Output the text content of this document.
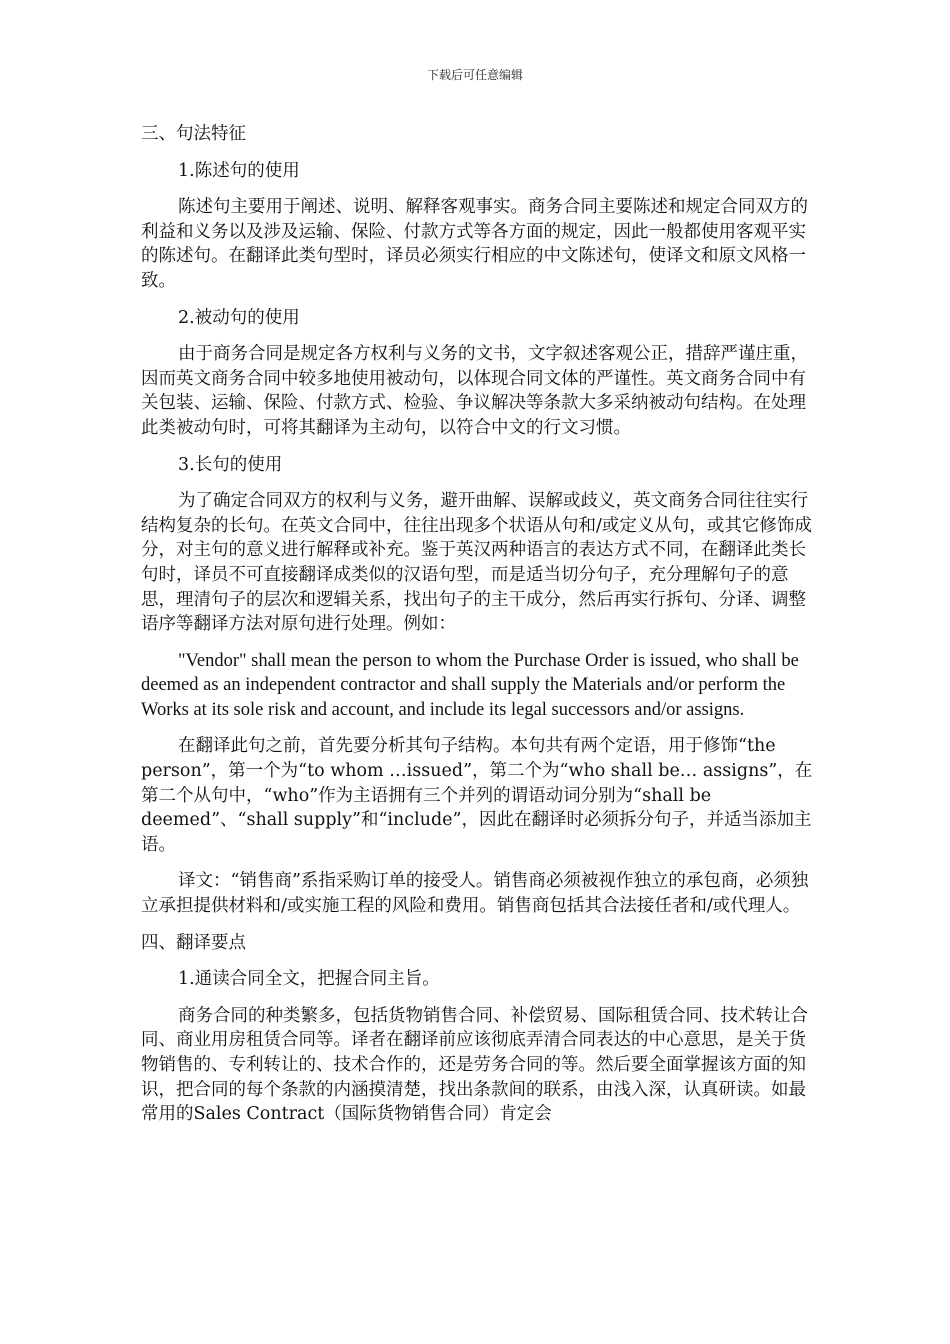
下载后可任意编辑

三、句法特征

1.陈述句的使用

陈述句主要用于阐述、说明、解释客观事实。商务合同主要陈述和规定合同双方的利益和义务以及涉及运输、保险、付款方式等各方面的规定，因此一般都使用客观平实的陈述句。在翻译此类句型时，译员必须实行相应的中文陈述句，使译文和原文风格一致。

2.被动句的使用

由于商务合同是规定各方权利与义务的文书，文字叙述客观公正，措辞严谨庄重，因而英文商务合同中较多地使用被动句，以体现合同文体的严谨性。英文商务合同中有关包装、运输、保险、付款方式、检验、争议解决等条款大多采纳被动句结构。在处理此类被动句时，可将其翻译为主动句，以符合中文的行文习惯。

3.长句的使用

为了确定合同双方的权利与义务，避开曲解、误解或歧义，英文商务合同往往实行结构复杂的长句。在英文合同中，往往出现多个状语从句和/或定义从句，或其它修饰成分，对主句的意义进行解释或补充。鉴于英汉两种语言的表达方式不同，在翻译此类长句时，译员不可直接翻译成类似的汉语句型，而是适当切分句子，充分理解句子的意思，理清句子的层次和逻辑关系，找出句子的主干成分，然后再实行拆句、分译、调整语序等翻译方法对原句进行处理。例如：

"Vendor" shall mean the person to whom the Purchase Order is issued, who shall be deemed as an independent contractor and shall supply the Materials and/or perform the Works at its sole risk and account, and include its legal successors and/or assigns.

在翻译此句之前，首先要分析其句子结构。本句共有两个定语，用于修饰“the person”，第一个为“to whom …issued”，第二个为“who shall be… assigns”，在第二个从句中，“who”作为主语拥有三个并列的谓语动词分别为“shall be deemed”、“shall supply”和“include”，因此在翻译时必须拆分句子，并适当添加主语。

译文：“销售商”系指采购订单的接受人。销售商必须被视作独立的承包商，必须独立承担提供材料和/或实施工程的风险和费用。销售商包括其合法接任者和/或代理人。

四、翻译要点

1.通读合同全文，把握合同主旨。

商务合同的种类繁多，包括货物销售合同、补偿贸易、国际租赁合同、技术转让合同、商业用房租赁合同等。译者在翻译前应该彻底弄清合同表达的中心意思，是关于货物销售的、专利转让的、技术合作的，还是劳务合同的等。然后要全面掌握该方面的知识，把合同的每个条款的内涵摸清楚，找出条款间的联系，由浅入深，认真研读。如最常用的Sales Contract（国际货物销售合同）肯定会
